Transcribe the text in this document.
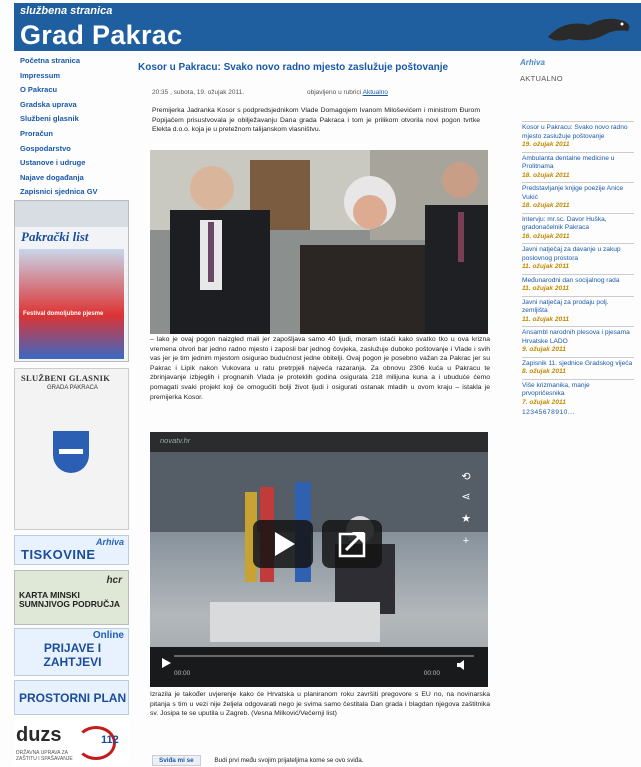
službena stranica
Grad Pakrac
Početna stranica
Impressum
O Pakracu
Gradska uprava
Službeni glasnik
Proračun
Gospodarstvo
Ustanove i udruge
Najave događanja
Zapisnici sjednica GV
Pakrački list
Festival domoljubne pjesme
SLUŽBENI GLASNIK
GRADA PAKRACA
Arhiva
TISKOVINE
hcr
KARTA MINSKI SUMNJIVOG PODRUČJA
Online
PRIJAVE I
ZAHTJEVI
PROSTORNI PLAN
duzs	112
DRŽAVNA UPRAVA ZA ZAŠTITU I SPAŠAVANJE
Kosor u Pakracu: Svako novo radno mjesto zaslužuje poštovanje
20:35 , subota, 19. ožujak 2011.	objavljeno u rubrici Aktualno
Premijerka Jadranka Kosor s podpredsjednikom Vlade Domagojem Ivanom Miloševićem i ministrom Đurom Popijačem prisustvovala je obilježavanju Dana grada Pakraca i tom je prilikom otvorila novi pogon tvrtke Elekta d.o.o. koja je u pretežnom talijanskom vlasništvu.
– lako je ovaj pogon naizgled mali jer zapošljava samo 40 ljudi, moram istaći kako svatko tko u ova krizna vremena otvori bar jedno radno mjesto i zaposli bar jednog čovjeka, zaslužuje duboko poštovanje i Vlade i svih vas jer je tim jednim mjestom osigurao budućnost jedne obitelji. Ovaj pogon je posebno važan za Pakrac jer su Pakrac i Lipik nakon Vukovara u ratu pretrpjeli najveća razaranja. Za obnovu 2306 kuća u Pakracu te zbrinjavanje izbjeglih i prognanih Vlada je proteklih godina osigurala 218 milijuna kuna a i ubuduće ćemo pomagati svaki projekt koji će omogućiti bolji život ljudi i osigurati ostanak mladih u ovom kraju – istakla je premijerka Kosor.
novatv.hr
⟲
⋖
★
+
00:00	00:00
Izrazila je također uvjerenje kako će Hrvatska u planiranom roku završiti pregovore s EU no, na novinarska pitanja s tim u vezi nije željela odgovarati nego je svima samo čestitala Dan grada i blagdan njegova zaštitnika sv. Josipa te se uputila u Zagreb. (Vesna Milković/Večernji list)
Sviđa mi se	Budi prvi među svojim prijateljima kome se ovo sviđa.
Arhiva
AKTUALNO
Kosor u Pakracu: Svako novo radno mjesto zaslužuje poštovanje
19. ožujak 2011
Ambulanta dentalne medicine u Prolitnama
18. ožujak 2011
Predstavljanje knjige poezije Anice Vukić
18. ožujak 2011
Intervju: mr.sc. Davor Huška, gradonačelnik Pakraca
16. ožujak 2011
Javni natječaj za davanje u zakup poslovnog prostora
11. ožujak 2011
Međunarodni dan socijalnog rada
11. ožujak 2011
Javni natječaj za prodaju polj. zemljišta
11. ožujak 2011
Ansambl narodnih plesova i pjesama Hrvatske LADO
9. ožujak 2011
Zapisnik 11. sjednice Gradskog vijeća
8. ožujak 2011
Više krizmanika, manje prvopričesnika
7. ožujak 2011
12345678910...
